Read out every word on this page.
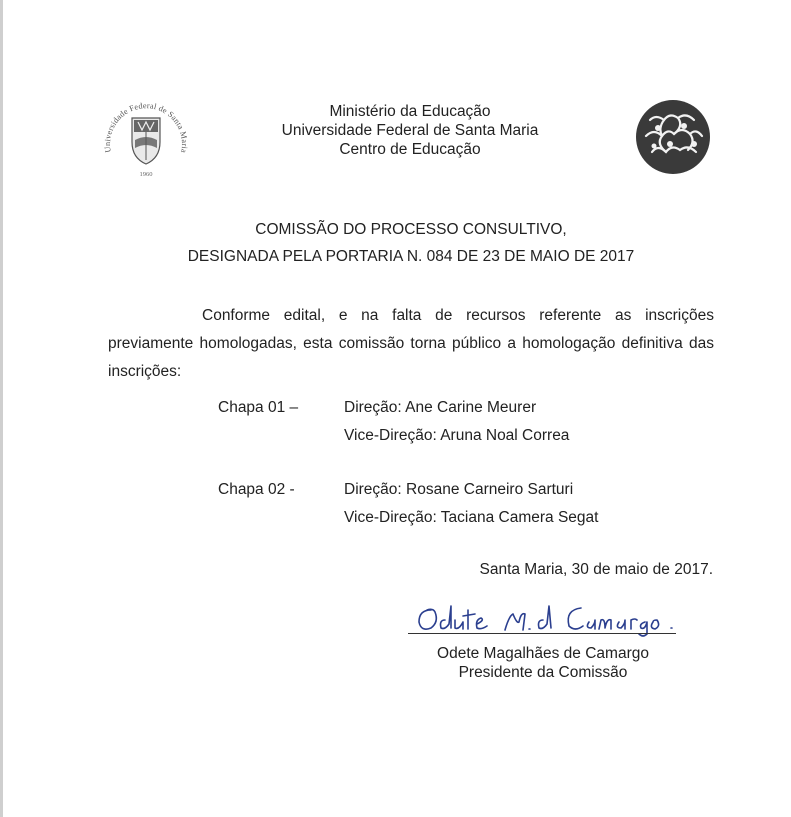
Universidade Federal de Santa Maria
1960
Ministério da Educação
Universidade Federal de Santa Maria
Centro de Educação
COMISSÃO DO PROCESSO CONSULTIVO,
DESIGNADA PELA PORTARIA N. 084 DE 23 DE MAIO DE 2017
Conforme edital, e na falta de recursos referente as inscrições previamente homologadas, esta comissão torna público a homologação definitiva das inscrições:
Chapa 01 –	Direção: Ane Carine Meurer
Vice-Direção: Aruna Noal Correa
Chapa 02 -	Direção: Rosane Carneiro Sarturi
Vice-Direção: Taciana Camera Segat
Santa Maria, 30 de maio de 2017.
Odete Magalhães de Camargo
Presidente da Comissão
